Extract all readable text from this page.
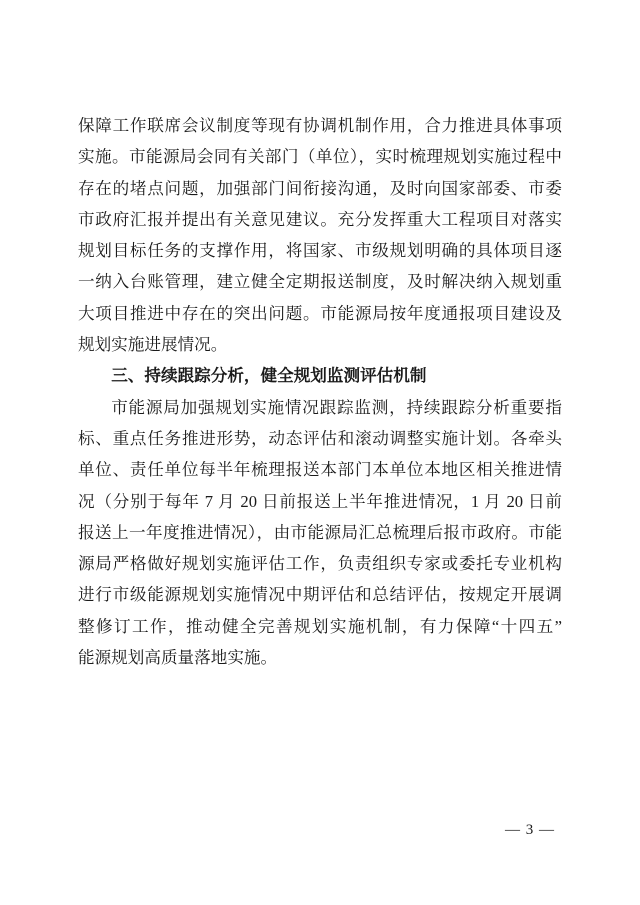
保障工作联席会议制度等现有协调机制作用，合力推进具体事项
实施。市能源局会同有关部门（单位），实时梳理规划实施过程中
存在的堵点问题，加强部门间衔接沟通，及时向国家部委、市委
市政府汇报并提出有关意见建议。充分发挥重大工程项目对落实
规划目标任务的支撑作用，将国家、市级规划明确的具体项目逐
一纳入台账管理，建立健全定期报送制度，及时解决纳入规划重
大项目推进中存在的突出问题。市能源局按年度通报项目建设及
规划实施进展情况。
三、持续跟踪分析，健全规划监测评估机制
市能源局加强规划实施情况跟踪监测，持续跟踪分析重要指
标、重点任务推进形势，动态评估和滚动调整实施计划。各牵头
单位、责任单位每半年梳理报送本部门本单位本地区相关推进情
况（分别于每年 7 月 20 日前报送上半年推进情况，1 月 20 日前
报送上一年度推进情况），由市能源局汇总梳理后报市政府。市能
源局严格做好规划实施评估工作，负责组织专家或委托专业机构
进行市级能源规划实施情况中期评估和总结评估，按规定开展调
整修订工作，推动健全完善规划实施机制，有力保障“十四五”
能源规划高质量落地实施。
— 3 —
